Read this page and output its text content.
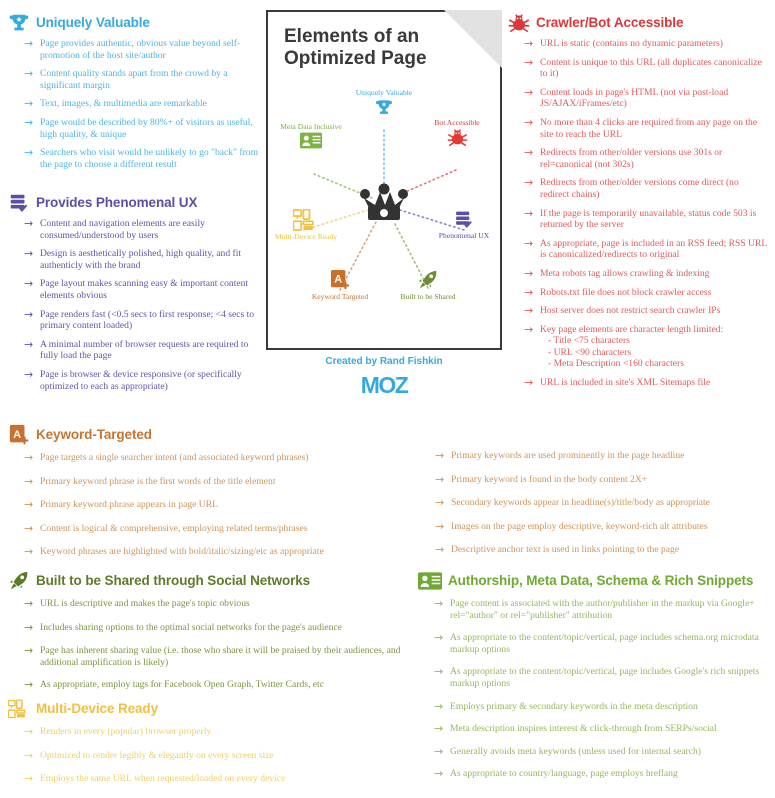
Uniquely Valuable
→ Page provides authentic, obvious value beyond self-promotion of the host site/author
→ Content quality stands apart from the crowd by a significant margin
→ Text, images, & multimedia are remarkable
→ Page would be described by 80%+ of visitors as useful, high quality, & unique
→ Searchers who visit would be unlikely to go "back" from the page to choose a different result
Provides Phenomenal UX
→ Content and navigation elements are easily consumed/understood by users
→ Design is aesthetically polished, high quality, and fit authenticly with the brand
→ Page layout makes scanning easy & important content elements obvious
→ Page renders fast (<0.5 secs to first response; <4 secs to primary content loaded)
→ A minimal number of browser requests are required to fully load the page
→ Page is browser & device responsive (or specifically optimized to each as appropriate)
Elements of an Optimized Page
Uniquely Valuable
Meta Data Inclusive	Bot Accessible
Multi-Device Ready	Phenomenal UX
A
Keyword Targeted	Built to be Shared
Created by Rand Fishkin
MOZ
Crawler/Bot Accessible
→ URL is static (contains no dynamic parameters)
→ Content is unique to this URL (all duplicates canonicalize to it)
→ Content loads in page's HTML (not via post-load JS/AJAX/iFrames/etc)
→ No more than 4 clicks are required from any page on the site to reach the URL
→ Redirects from other/older versions use 301s or rel=canonical (not 302s)
→ Redirects from other/older versions come direct (no redirect chains)
→ If the page is temporarily unavailable, status code 503 is returned by the server
→ As appropriate, page is included in an RSS feed; RSS URL is canonicalized/redirects to original
→ Meta robots tag allows crawling & indexing
→ Robots.txt file does not block crawler access
→ Host server does not restrict search crawler IPs
→ Key page elements are character length limited:
- Title <75 characters
- URL <90 characters
- Meta Description <160 characters
→ URL is included in site's XML Sitemaps file
A Keyword-Targeted
→ Page targets a single searcher intent (and associated keyword phrases)
→ Primary keyword phrase is the first words of the title element
→ Primary keyword phrase appears in page URL
→ Content is logical & comprehensive, employing related terms/phrases
→ Keyword phrases are highlighted with bold/italic/sizing/etc as appropriate
→ Primary keywords are used prominently in the page headline
→ Primary keyword is found in the body content 2X+
→ Secondary keywords appear in headline(s)/title/body as appropriate
→ Images on the page employ descriptive, keyword-rich alt attributes
→ Descriptive anchor text is used in links pointing to the page
Built to be Shared through Social Networks
→ URL is descriptive and makes the page's topic obvious
→ Includes sharing options to the optimal social networks for the page's audience
→ Page has inherent sharing value (i.e. those who share it will be praised by their audiences, and additional amplification is likely)
→ As appropriate, employ tags for Facebook Open Graph, Twitter Cards, etc
Multi-Device Ready
→ Renders in every (popular) browser properly
→ Optimized to render legibly & elegantly on every screen size
→ Employs the same URL when requested/loaded on every device
Authorship, Meta Data, Schema & Rich Snippets
→ Page content is associated with the author/publisher in the markup via Google+ rel="author" or rel="publisher" attribution
→ As appropriate to the content/topic/vertical, page includes schema.org microdata markup options
→ As appropriate to the content/topic/vertical, page includes Google's rich snippets markup options
→ Employs primary & secondary keywords in the meta description
→ Meta description inspires interest & click-through from SERPs/social
→ Generally avoids meta keywords (unless used for internal search)
→ As appropriate to country/language, page employs hreflang
